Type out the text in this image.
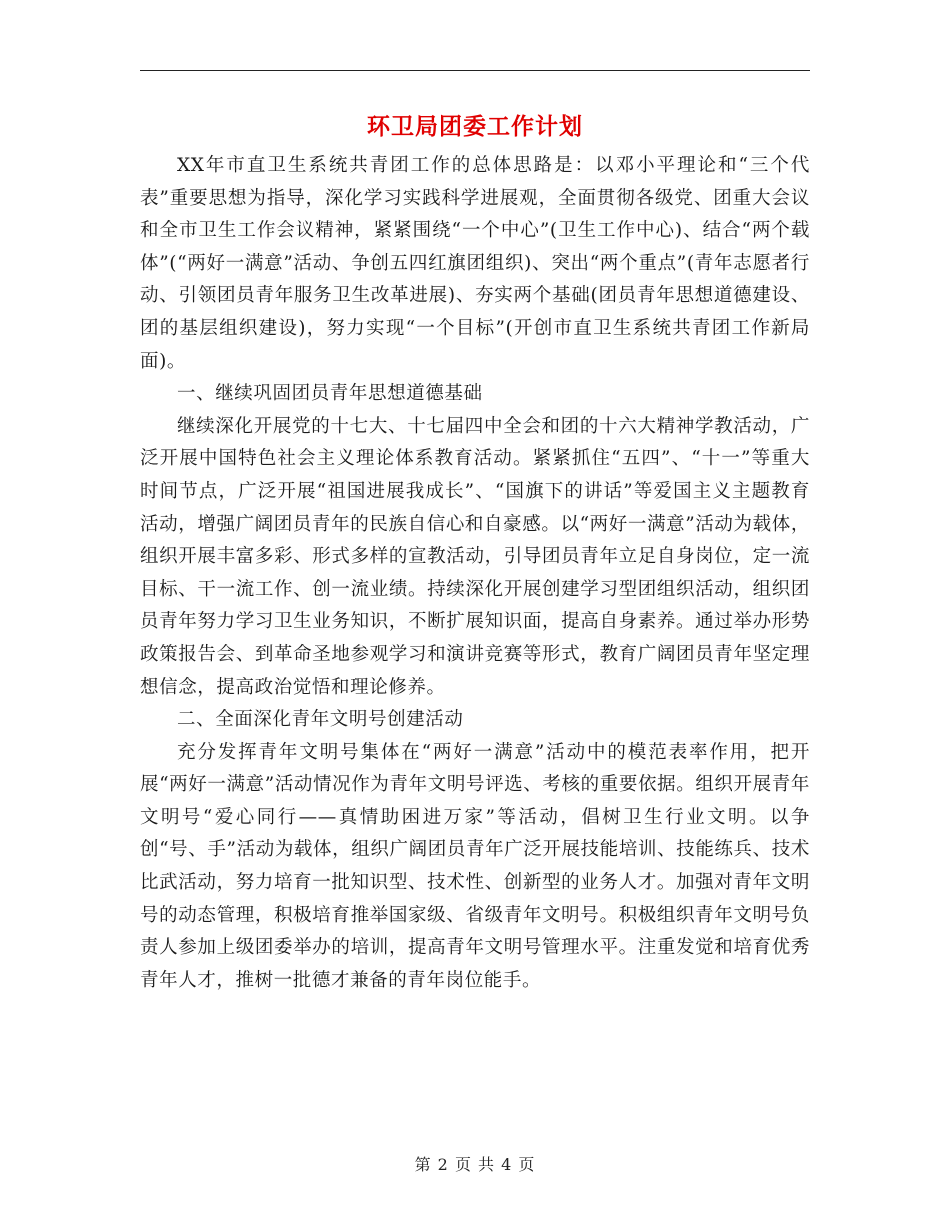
环卫局团委工作计划

XX年市直卫生系统共青团工作的总体思路是：以邓小平理论和“三个代表”重要思想为指导，深化学习实践科学进展观，全面贯彻各级党、团重大会议和全市卫生工作会议精神，紧紧围绕“一个中心”(卫生工作中心)、结合“两个载体”(“两好一满意”活动、争创五四红旗团组织)、突出“两个重点”(青年志愿者行动、引领团员青年服务卫生改革进展)、夯实两个基础(团员青年思想道德建设、团的基层组织建设)，努力实现“一个目标”(开创市直卫生系统共青团工作新局面)。

一、继续巩固团员青年思想道德基础

继续深化开展党的十七大、十七届四中全会和团的十六大精神学教活动，广泛开展中国特色社会主义理论体系教育活动。紧紧抓住“五四”、“十一”等重大时间节点，广泛开展“祖国进展我成长”、“国旗下的讲话”等爱国主义主题教育活动，增强广阔团员青年的民族自信心和自豪感。以“两好一满意”活动为载体，组织开展丰富多彩、形式多样的宣教活动，引导团员青年立足自身岗位，定一流目标、干一流工作、创一流业绩。持续深化开展创建学习型团组织活动，组织团员青年努力学习卫生业务知识，不断扩展知识面，提高自身素养。通过举办形势政策报告会、到革命圣地参观学习和演讲竞赛等形式，教育广阔团员青年坚定理想信念，提高政治觉悟和理论修养。

二、全面深化青年文明号创建活动

充分发挥青年文明号集体在“两好一满意”活动中的模范表率作用，把开展“两好一满意”活动情况作为青年文明号评选、考核的重要依据。组织开展青年文明号“爱心同行——真情助困进万家”等活动，倡树卫生行业文明。以争创“号、手”活动为载体，组织广阔团员青年广泛开展技能培训、技能练兵、技术比武活动，努力培育一批知识型、技术性、创新型的业务人才。加强对青年文明号的动态管理，积极培育推举国家级、省级青年文明号。积极组织青年文明号负责人参加上级团委举办的培训，提高青年文明号管理水平。注重发觉和培育优秀青年人才，推树一批德才兼备的青年岗位能手。

第 2 页 共 4 页
